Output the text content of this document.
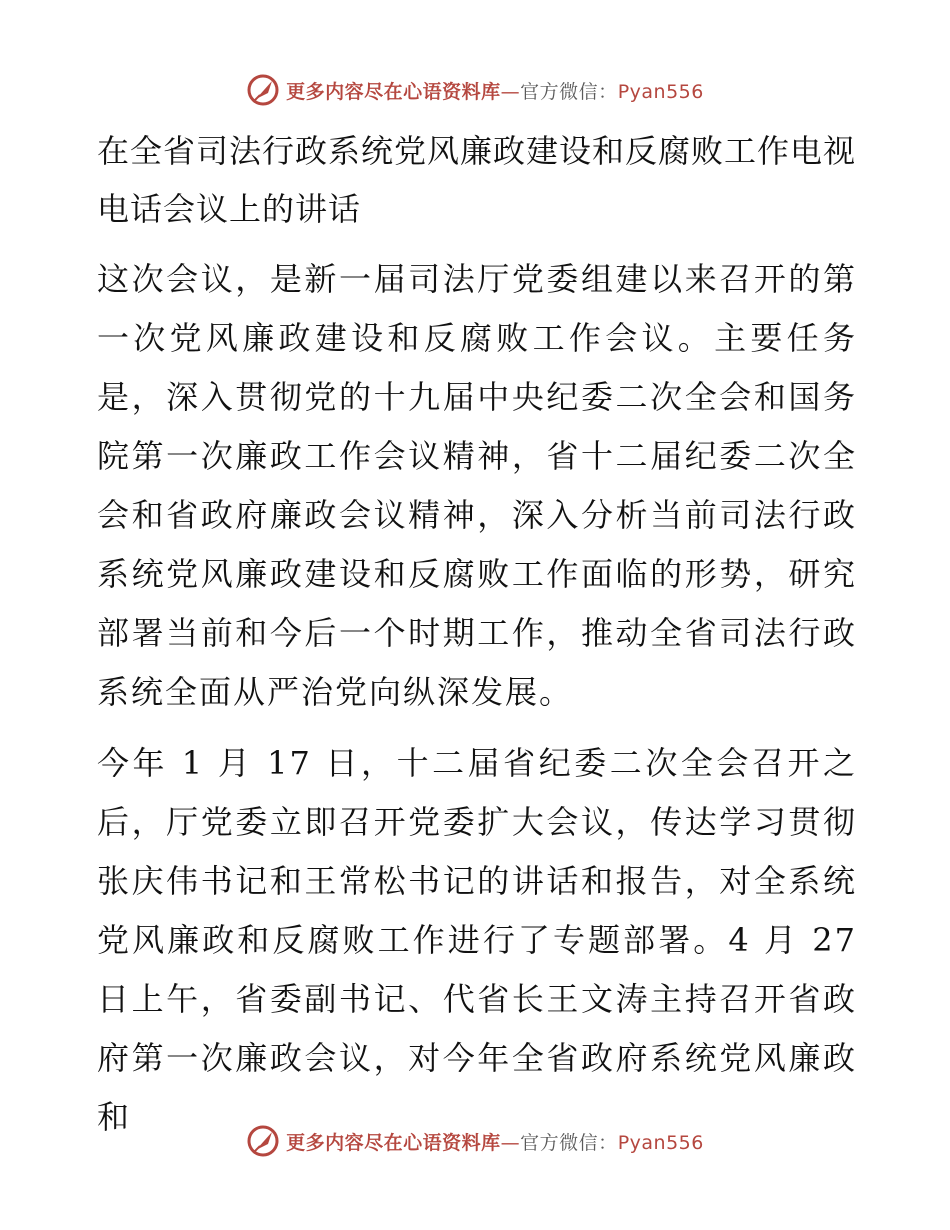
更多内容尽在心语资料库—官方微信：Pyan556
在全省司法行政系统党风廉政建设和反腐败工作电视电话会议上的讲话

这次会议，是新一届司法厅党委组建以来召开的第一次党风廉政建设和反腐败工作会议。主要任务是，深入贯彻党的十九届中央纪委二次全会和国务院第一次廉政工作会议精神，省十二届纪委二次全会和省政府廉政会议精神，深入分析当前司法行政系统党风廉政建设和反腐败工作面临的形势，研究部署当前和今后一个时期工作，推动全省司法行政系统全面从严治党向纵深发展。

今年 1 月 17 日，十二届省纪委二次全会召开之后，厅党委立即召开党委扩大会议，传达学习贯彻张庆伟书记和王常松书记的讲话和报告，对全系统党风廉政和反腐败工作进行了专题部署。4 月 27 日上午，省委副书记、代省长王文涛主持召开省政府第一次廉政会议，对今年全省政府系统党风廉政和

更多内容尽在心语资料库—官方微信：Pyan556
